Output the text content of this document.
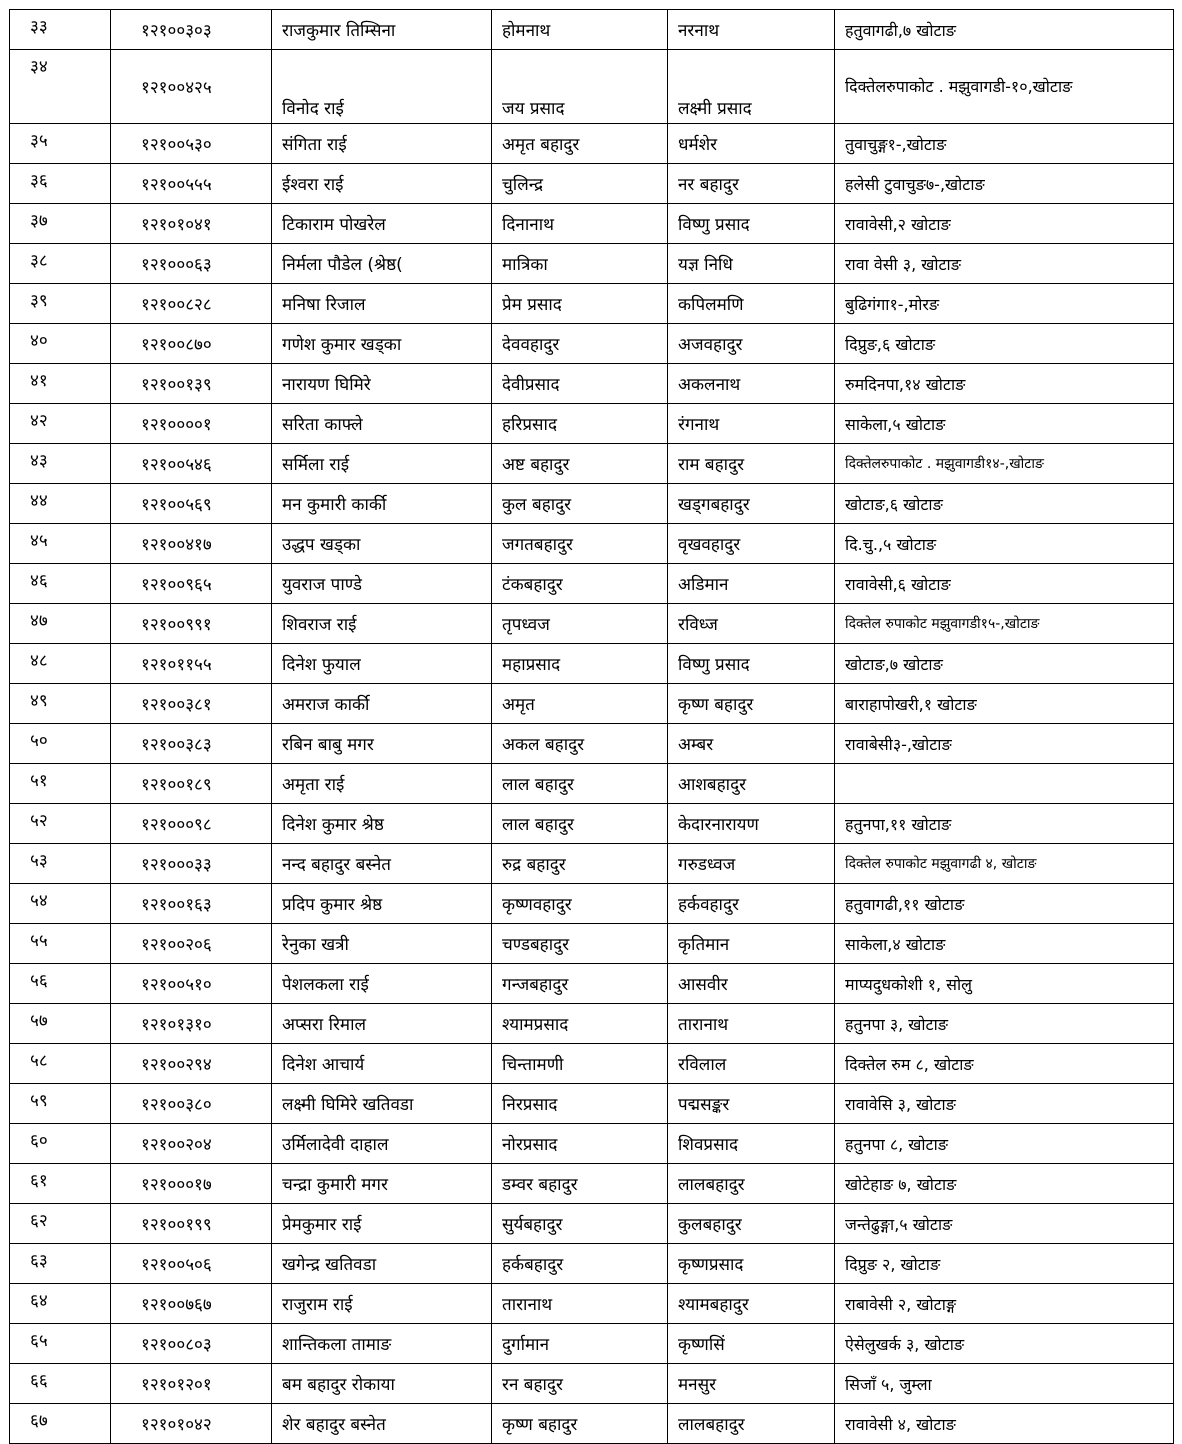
३३	१२१००३०३	राजकुमार तिम्सिना	होमनाथ	नरनाथ	हतुवागढी,७ खोटाङ
३४	१२१००४२५	विनोद राई	जय प्रसाद	लक्ष्मी प्रसाद	दिक्तेलरुपाकोट . मझुवागडी-१०,खोटाङ
३५	१२१००५३०	संगिता राई	अमृत बहादुर	धर्मशेर	तुवाचुङ्ग१-,खोटाङ
३६	१२१००५५५	ईश्वरा राई	चुलिन्द्र	नर बहादुर	हलेसी टुवाचुङ७-,खोटाङ
३७	१२१०१०४१	टिकाराम पोखरेल	दिनानाथ	विष्णु प्रसाद	रावावेसी,२ खोटाङ
३८	१२१०००६३	निर्मला पौडेल (श्रेष्ठ(	मात्रिका	यज्ञ निधि	रावा वेसी ३, खोटाङ
३९	१२१००८२८	मनिषा रिजाल	प्रेम प्रसाद	कपिलमणि	बुढिगंगा१-,मोरङ
४०	१२१००८७०	गणेश कुमार खड्का	देववहादुर	अजवहादुर	दिप्रुङ,६ खोटाङ
४१	१२१००१३९	नारायण घिमिरे	देवीप्रसाद	अकलनाथ	रुमदिनपा,१४ खोटाङ
४२	१२१००००१	सरिता काफ्ले	हरिप्रसाद	रंगनाथ	साकेला,५ खोटाङ
४३	१२१००५४६	सर्मिला राई	अष्ट बहादुर	राम बहादुर	दिक्तेलरुपाकोट . मझुवागडी१४-,खोटाङ
४४	१२१००५६९	मन कुमारी कार्की	कुल बहादुर	खड्गबहादुर	खोटाङ,६ खोटाङ
४५	१२१००४१७	उद्धप खड्का	जगतबहादुर	वृखवहादुर	दि.चु.,५ खोटाङ
४६	१२१००९६५	युवराज पाण्डे	टंकबहादुर	अडिमान	रावावेसी,६ खोटाङ
४७	१२१००९९१	शिवराज राई	तृपध्वज	रविध्ज	दिक्तेल रुपाकोट मझुवागडी१५-,खोटाङ
४८	१२१०११५५	दिनेश फुयाल	महाप्रसाद	विष्णु प्रसाद	खोटाङ,७ खोटाङ
४९	१२१००३८१	अमराज कार्की	अमृत	कृष्ण बहादुर	बाराहापोखरी,१ खोटाङ
५०	१२१००३८३	रबिन बाबु मगर	अकल बहादुर	अम्बर	रावाबेसी३-,खोटाङ
५१	१२१००१८९	अमृता राई	लाल बहादुर	आशबहादुर	
५२	१२१०००९८	दिनेश कुमार श्रेष्ठ	लाल बहादुर	केदारनारायण	हतुनपा,११ खोटाङ
५३	१२१०००३३	नन्द बहादुर बस्नेत	रुद्र बहादुर	गरुडध्वज	दिक्तेल रुपाकोट मझुवागढी ४, खोटाङ
५४	१२१००१६३	प्रदिप कुमार श्रेष्ठ	कृष्णवहादुर	हर्कवहादुर	हतुवागढी,११ खोटाङ
५५	१२१००२०६	रेनुका खत्री	चण्डबहादुर	कृतिमान	साकेला,४ खोटाङ
५६	१२१००५१०	पेशलकला राई	गन्जबहादुर	आसवीर	माप्यदुधकोशी १, सोलु
५७	१२१०१३१०	अप्सरा रिमाल	श्यामप्रसाद	तारानाथ	हतुनपा ३, खोटाङ
५८	१२१००२९४	दिनेश आचार्य	चिन्तामणी	रविलाल	दिक्तेल रुम ८, खोटाङ
५९	१२१००३८०	लक्ष्मी घिमिरे खतिवडा	निरप्रसाद	पद्मसङ्कर	रावावेसि ३, खोटाङ
६०	१२१००२०४	उर्मिलादेवी दाहाल	नोरप्रसाद	शिवप्रसाद	हतुनपा ८, खोटाङ
६१	१२१०००१७	चन्द्रा कुमारी मगर	डम्वर बहादुर	लालबहादुर	खोटेहाङ ७, खोटाङ
६२	१२१००१९९	प्रेमकुमार राई	सुर्यबहादुर	कुलबहादुर	जन्तेढुङ्गा,५ खोटाङ
६३	१२१००५०६	खगेन्द्र खतिवडा	हर्कबहादुर	कृष्णप्रसाद	दिप्रुङ २, खोटाङ
६४	१२१००७६७	राजुराम राई	तारानाथ	श्यामबहादुर	राबावेसी २, खोटाङ्ग
६५	१२१००८०३	शान्तिकला तामाङ	दुर्गामान	कृष्णसिं	ऐसेलुखर्क ३, खोटाङ
६६	१२१०१२०१	बम बहादुर रोकाया	रन बहादुर	मनसुर	सिजाँ ५, जुम्ला
६७	१२१०१०४२	शेर बहादुर बस्नेत	कृष्ण बहादुर	लालबहादुर	रावावेसी ४, खोटाङ
